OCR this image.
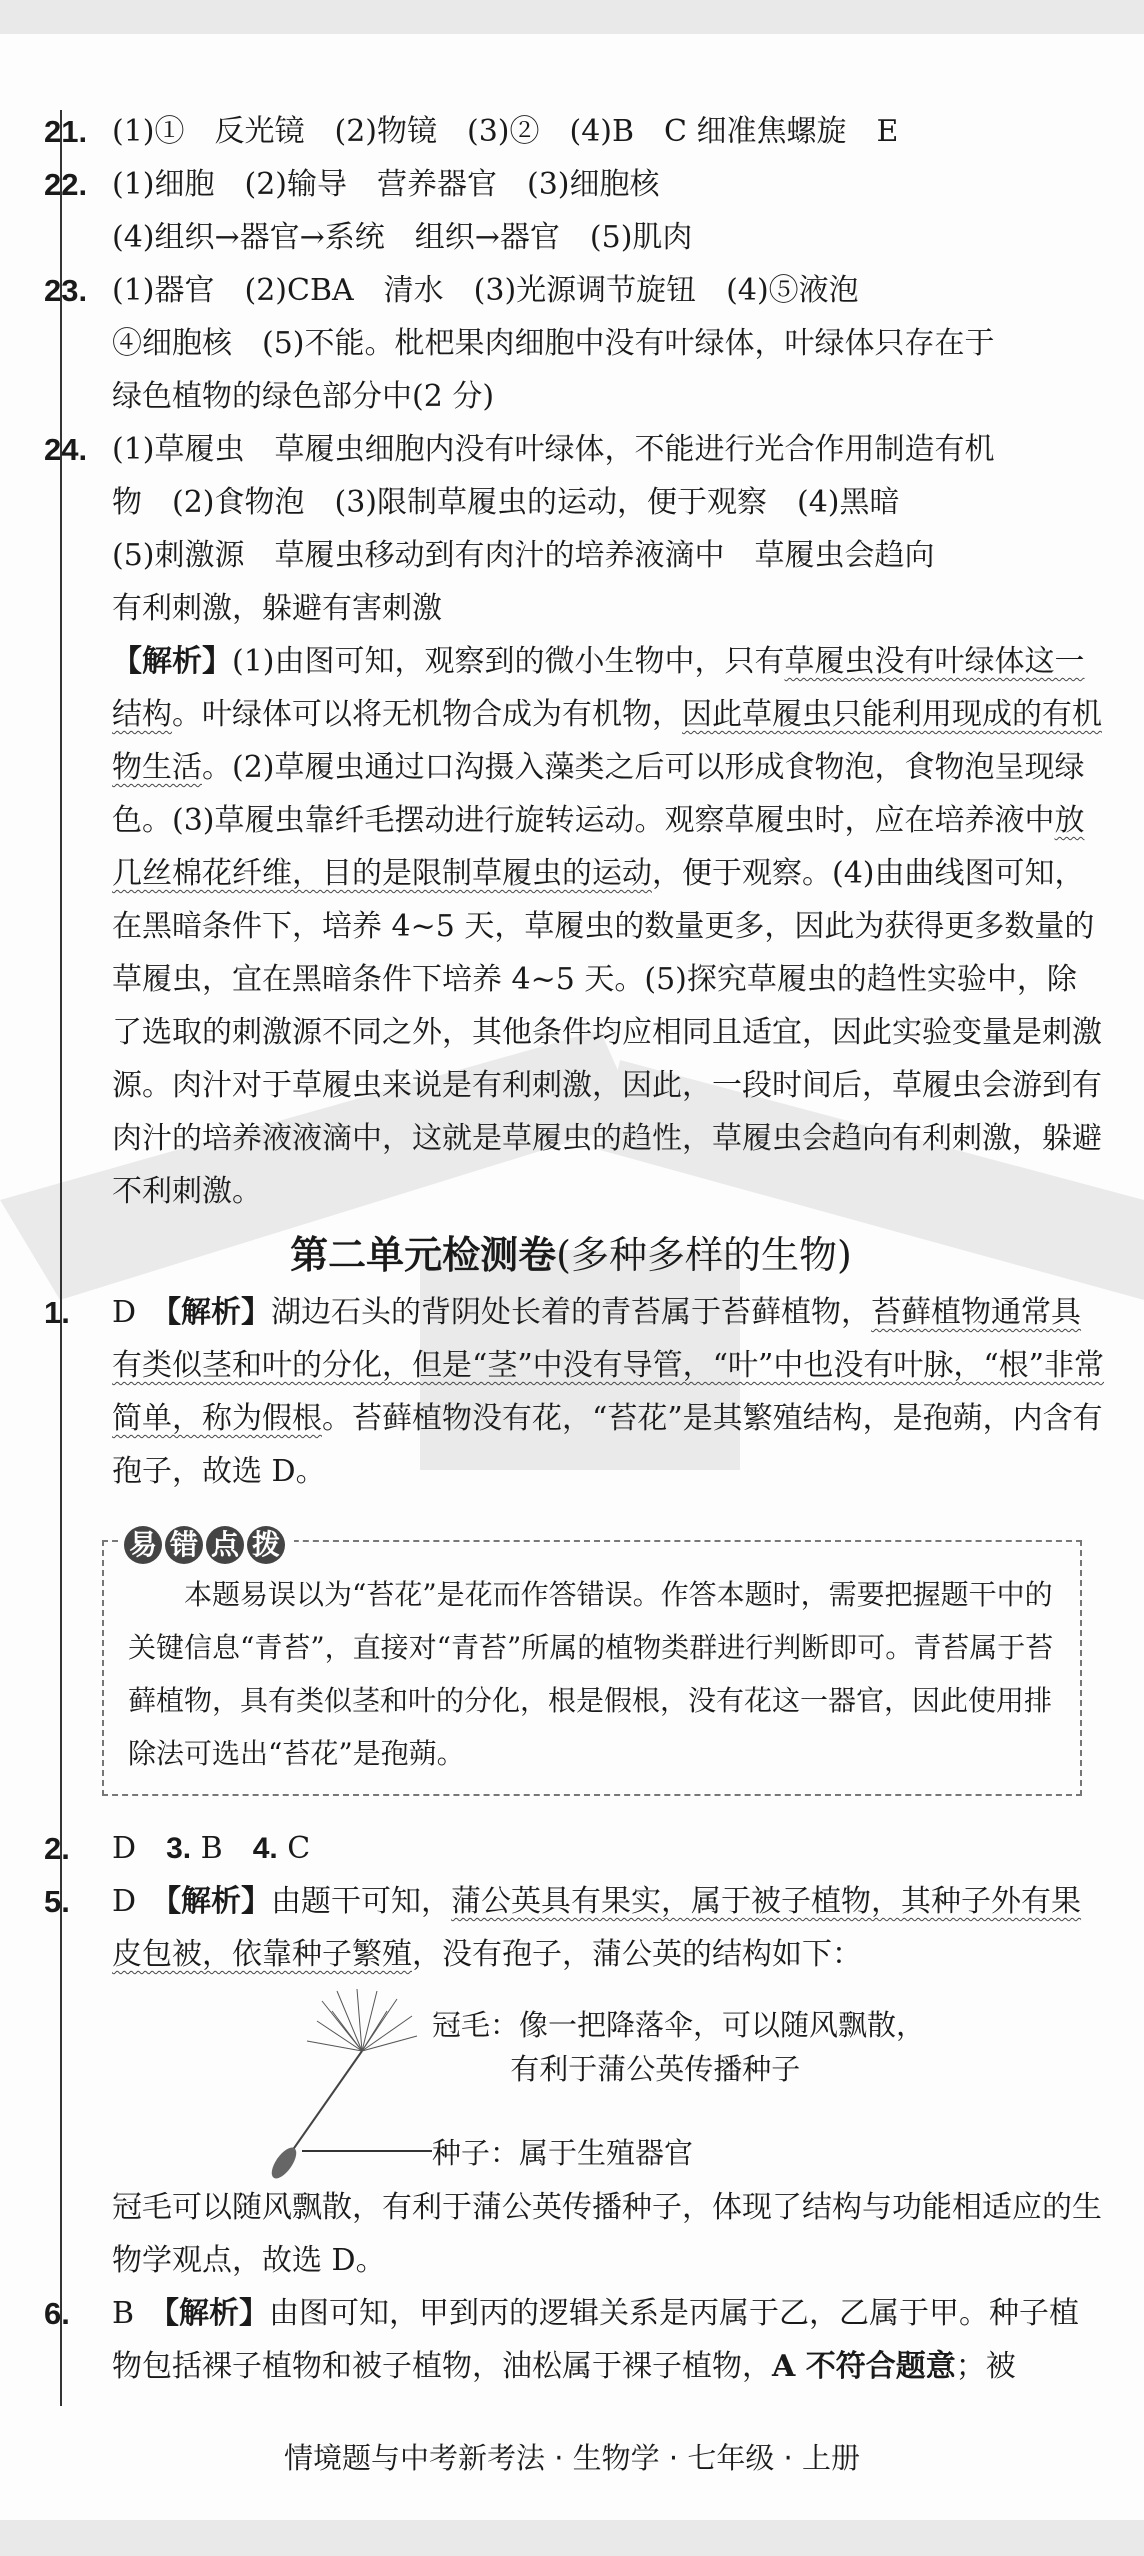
21. (1)①　反光镜　(2)物镜　(3)②　(4)B　C 细准焦螺旋　E
22. (1)细胞　(2)输导　营养器官　(3)细胞核
(4)组织→器官→系统　组织→器官　(5)肌肉
23. (1)器官　(2)CBA　清水　(3)光源调节旋钮　(4)⑤液泡
④细胞核　(5)不能。枇杷果肉细胞中没有叶绿体，叶绿体只存在于
绿色植物的绿色部分中(2 分)
24. (1)草履虫　草履虫细胞内没有叶绿体，不能进行光合作用制造有机
物　(2)食物泡　(3)限制草履虫的运动，便于观察　(4)黑暗
(5)刺激源　草履虫移动到有肉汁的培养液滴中　草履虫会趋向
有利刺激，躲避有害刺激
【解析】(1)由图可知，观察到的微小生物中，只有草履虫没有叶绿体这一结构。叶绿体可以将无机物合成为有机物，因此草履虫只能利用现成的有机物生活。(2)草履虫通过口沟摄入藻类之后可以形成食物泡，食物泡呈现绿色。(3)草履虫靠纤毛摆动进行旋转运动。观察草履虫时，应在培养液中放几丝棉花纤维，目的是限制草履虫的运动，便于观察。(4)由曲线图可知，在黑暗条件下，培养 4~5 天，草履虫的数量更多，因此为获得更多数量的草履虫，宜在黑暗条件下培养 4~5 天。(5)探究草履虫的趋性实验中，除了选取的刺激源不同之外，其他条件均应相同且适宜，因此实验变量是刺激源。肉汁对于草履虫来说是有利刺激，因此，一段时间后，草履虫会游到有肉汁的培养液液滴中，这就是草履虫的趋性，草履虫会趋向有利刺激，躲避不利刺激。
第二单元检测卷(多种多样的生物)
1. D　 【解析】湖边石头的背阴处长着的青苔属于苔藓植物，苔藓植物通常具有类似茎和叶的分化，但是“茎”中没有导管，“叶”中也没有叶脉，“根”非常简单，称为假根。苔藓植物没有花，“苔花”是其繁殖结构，是孢蒴，内含有孢子，故选 D。
易 错 点 拨
本题易误以为“苔花”是花而作答错误。作答本题时，需要把握题干中的关键信息“青苔”，直接对“青苔”所属的植物类群进行判断即可。青苔属于苔藓植物，具有类似茎和叶的分化，根是假根，没有花这一器官，因此使用排除法可选出“苔花”是孢蒴。
2. D　 3. B　 4. C
5. D　 【解析】由题干可知，蒲公英具有果实，属于被子植物，其种子外有果皮包被，依靠种子繁殖，没有孢子，蒲公英的结构如下：
冠毛：像一把降落伞，可以随风飘散，
有利于蒲公英传播种子
种子：属于生殖器官
冠毛可以随风飘散，有利于蒲公英传播种子，体现了结构与功能相适应的生物学观点，故选 D。
6. B　 【解析】由图可知，甲到丙的逻辑关系是丙属于乙，乙属于甲。种子植物包括裸子植物和被子植物，油松属于裸子植物，A 不符合题意；被
情境题与中考新考法 · 生物学 · 七年级 · 上册
